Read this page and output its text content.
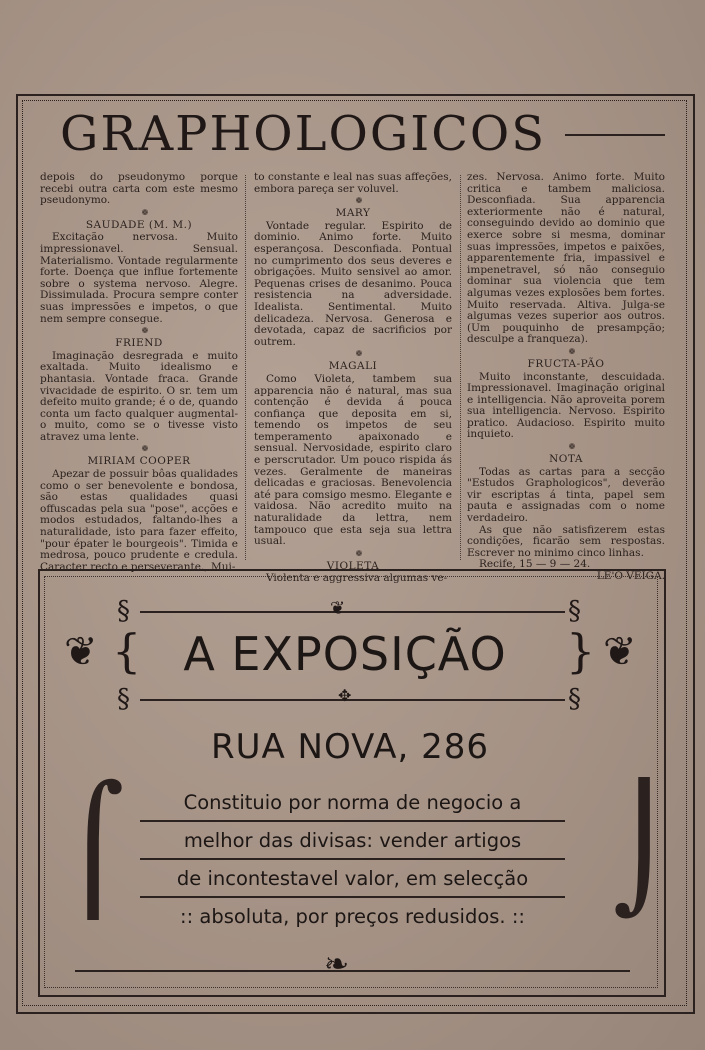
GRAPHOLOGICOS

depois do pseudonymo porque recebi outra carta com este mesmo pseudonymo.

❁

SAUDADE (M. M.)

Excitação nervosa. Muito impressionavel. Sensual. Materialismo. Vontade regularmente forte. Doença que influe fortemente sobre o systema nervoso. Alegre. Dissimulada. Procura sempre conter suas impressões e impetos, o que nem sempre consegue.

❁

FRIEND

Imaginação desregrada e muito exaltada. Muito idealismo e phantasia. Vontade fraca. Grande vivacidade de espirito. O sr. tem um defeito muito grande; é o de, quando conta um facto qualquer augmental-o muito, como se o tivesse visto atravez uma lente.

❁

MIRIAM COOPER

Apezar de possuir bôas qualidades como o ser benevolente e bondosa, são estas qualidades quasi offuscadas pela sua "pose", acções e modos estudados, faltando-lhes a naturalidade, isto para fazer effeito, "pour épater le bourgeois". Timida e medrosa, pouco prudente e credula. Caracter recto e perseverante., Mui-

to constante e leal nas suas affeções, embora pareça ser voluvel.

❁

MARY

Vontade regular. Espirito de dominio. Animo forte. Muito esperançosa. Desconfiada. Pontual no cumprimento dos seus deveres e obrigações. Muito sensivel ao amor. Pequenas crises de desanimo. Pouca resistencia na adversidade. Idealista. Sentimental. Muito delicadeza. Nervosa. Generosa e devotada, capaz de sacrificios por outrem.

❁

MAGALI

Como Violeta, tambem sua apparencia não é natural, mas sua contenção é devida á pouca confiança que deposita em si, temendo os impetos de seu temperamento apaixonado e sensual. Nervosidade, espirito claro e perscrutador. Um pouco rispida ás vezes. Geralmente de maneiras delicadas e graciosas. Benevolencia até para comsigo mesmo. Elegante e vaidosa. Não acredito muito na naturalidade da lettra, nem tampouco que esta seja sua lettra usual.

❁

VIOLETA

Violenta e aggressiva algumas ve-

zes. Nervosa. Animo forte. Muito critica e tambem maliciosa. Desconfiada. Sua apparencia exteriormente não é natural, conseguindo devido ao dominio que exerce sobre si mesma, dominar suas impressões, impetos e paixões, apparentemente fria, impassivel e impenetravel, só não conseguio dominar sua violencia que tem algumas vezes explosões bem fortes. Muito reservada. Altiva. Julga-se algumas vezes superior aos outros. (Um pouquinho de presampção; desculpe a franqueza).

❁

FRUCTA-PÃO

Muito inconstante, descuidada. Impressionavel. Imaginação original e intelligencia. Não aproveita porem sua intelligencia. Nervoso. Espirito pratico. Audacioso. Espirito muito inquieto.

❁

NOTA

Todas as cartas para a secção "Estudos Graphologicos", deverão vir escriptas á tinta, papel sem pauta e assignadas com o nome verdadeiro.

As que não satisfizerem estas condições, ficarão sem respostas. Escrever no minimo cinco linhas.

Recife, 15 — 9 — 24.

LE'O VEIGA.

§	❦	§
❦ { A EXPOSIÇÃO	} ❦
§	✥	§
RUA NOVA, 286
⌠	⌡
Constituio por norma de negocio a
melhor das divisas: vender artigos
de incontestavel valor, em selecção
:: absoluta, por preços redusidos. ::
❧
